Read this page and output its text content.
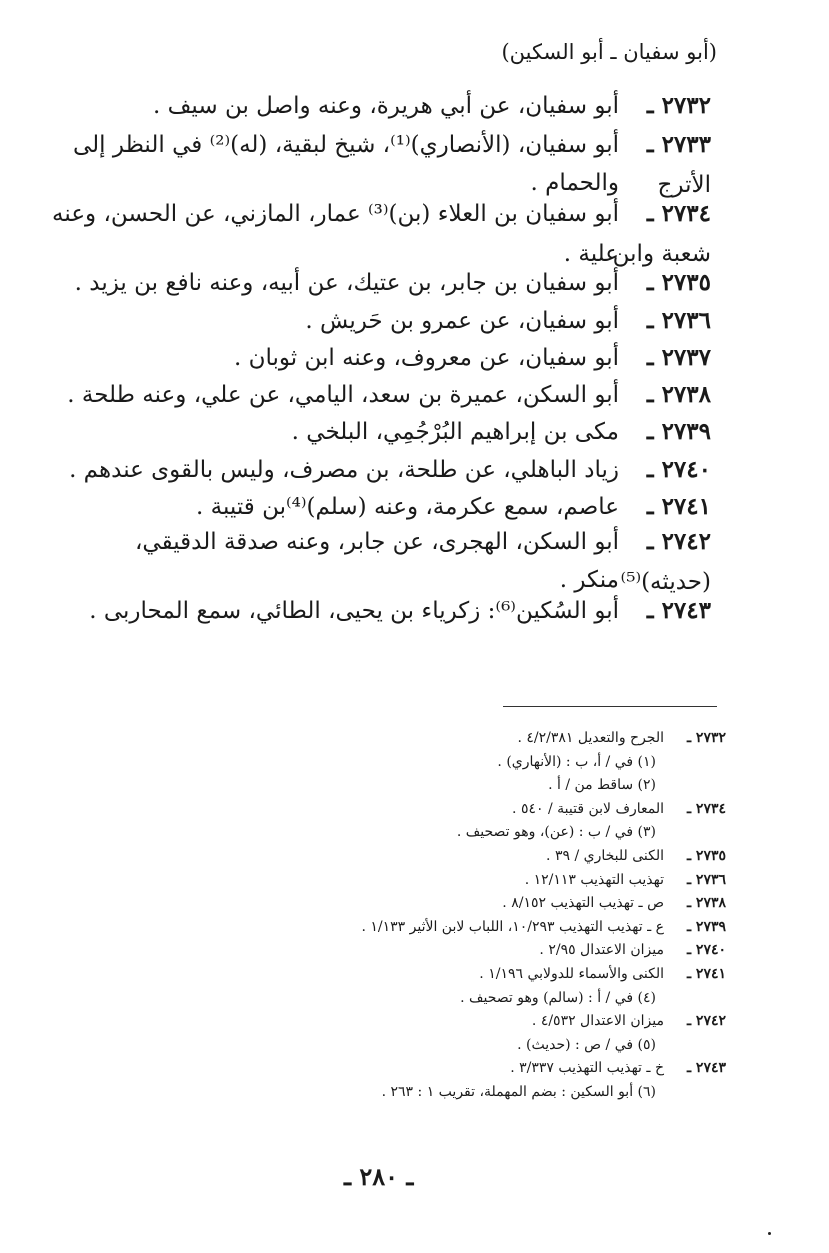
(أبو سفيان ـ أبو السكين)
٢٧٣٢ ـأبو سفيان، عن أبي هريرة، وعنه واصل بن سيف .
٢٧٣٣ ـأبو سفيان، (الأنصاري)⁽¹⁾، شيخ لبقية، (له)⁽²⁾ في النظر إلى الأترج
والحمام .
٢٧٣٤ ـأبو سفيان بن العلاء (بن)⁽³⁾ عمار، المازني، عن الحسن، وعنه شعبة وابن
علية .
٢٧٣٥ ـأبو سفيان بن جابر، بن عتيك، عن أبيه، وعنه نافع بن يزيد .
٢٧٣٦ ـأبو سفيان، عن عمرو بن حَريش .
٢٧٣٧ ـأبو سفيان، عن معروف، وعنه ابن ثوبان .
٢٧٣٨ ـأبو السكن، عميرة بن سعد، اليامي، عن علي، وعنه طلحة .
٢٧٣٩ ـمكى بن إبراهيم البُرْجُمِي، البلخي .
٢٧٤٠ ـزياد الباهلي، عن طلحة، بن مصرف، وليس بالقوى عندهم .
٢٧٤١ ـعاصم، سمع عكرمة، وعنه (سلم)⁽⁴⁾بن قتيبة .
٢٧٤٢ ـأبو السكن، الهجرى، عن جابر، وعنه صدقة الدقيقي، (حديثه)⁽⁵⁾
منكر .
٢٧٤٣ ـأبو السُكين⁽⁶⁾: زكرياء بن يحيى، الطائي، سمع المحاربى .
٢٧٣٢ ـ
الجرح والتعديل ٤/٢/٣٨١ .
(١) في / أ، ب : (الأنهاري) .
(٢) ساقط من / أ .
٢٧٣٤ ـ
المعارف لابن قتيبة / ٥٤٠ .
(٣) في / ب : (عن)، وهو تصحيف .
٢٧٣٥ ـ
الكنى للبخاري / ٣٩ .
٢٧٣٦ ـ
تهذيب التهذيب ١٢/١١٣ .
٢٧٣٨ ـ
ص ـ تهذيب التهذيب ٨/١٥٢ .
٢٧٣٩ ـ
ع ـ تهذيب التهذيب ١٠/٢٩٣، اللباب لابن الأثير ١/١٣٣ .
٢٧٤٠ ـ
ميزان الاعتدال ٢/٩٥ .
٢٧٤١ ـ
الكنى والأسماء للدولابي ١/١٩٦ .
(٤) في / أ : (سالم) وهو تصحيف .
٢٧٤٢ ـ
ميزان الاعتدال ٤/٥٣٢ .
(٥) في / ص : (حديث) .
٢٧٤٣ ـ
خ ـ تهذيب التهذيب ٣/٣٣٧ .
(٦) أبو السكين : بضم المهملة، تقريب ١ : ٢٦٣ .
ـ ٢٨٠ ـ
